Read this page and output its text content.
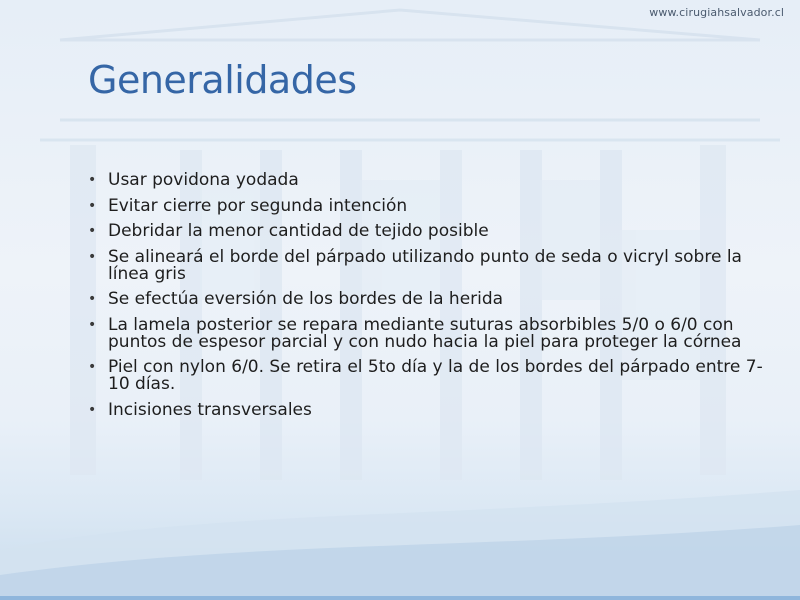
www.cirugiahsalvador.cl
Generalidades
• Usar povidona yodada
• Evitar cierre por segunda intención
• Debridar la menor cantidad de tejido posible
• Se alineará el borde del párpado utilizando punto de seda o vicryl sobre la línea gris
• Se efectúa eversión de los bordes de la herida
• La lamela posterior se repara mediante suturas absorbibles 5/0 o 6/0 con puntos de espesor parcial y con nudo hacia la piel para proteger la córnea
• Piel con nylon 6/0. Se retira el 5to día y la de los bordes del párpado entre 7-10 días.
• Incisiones transversales
